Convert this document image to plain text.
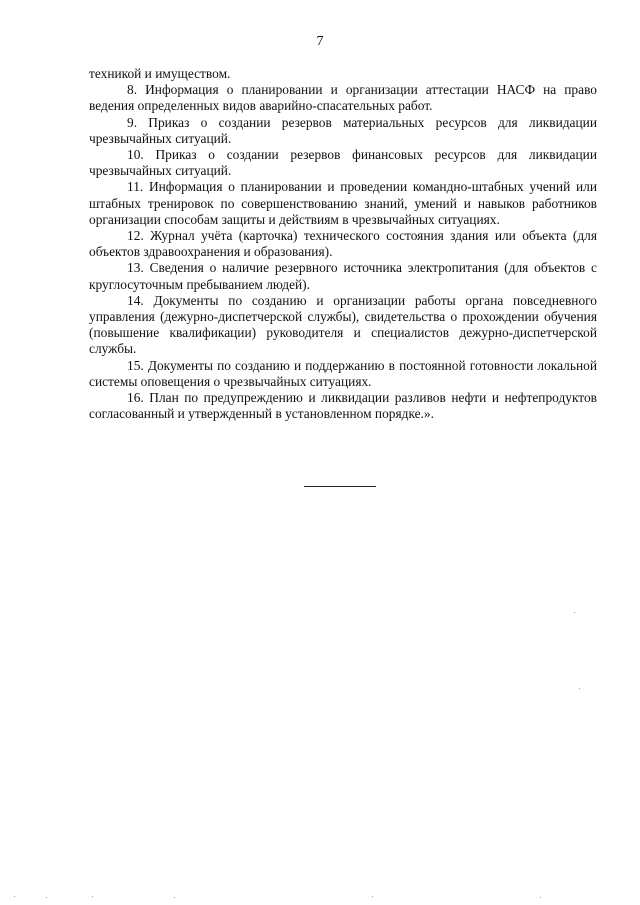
7

техникой и имуществом.

8. Информация о планировании и организации аттестации НАСФ на право ведения определенных видов аварийно-спасательных работ.

9. Приказ о создании резервов материальных ресурсов для ликвидации чрезвычайных ситуаций.

10. Приказ о создании резервов финансовых ресурсов для ликвидации чрезвычайных ситуаций.

11. Информация о планировании и проведении командно-штабных учений или штабных тренировок по совершенствованию знаний, умений и навыков работников организации способам защиты и действиям в чрезвычайных ситуациях.

12. Журнал учёта (карточка) технического состояния здания или объекта (для объектов здравоохранения и образования).

13. Сведения о наличие резервного источника электропитания (для объектов с круглосуточным пребыванием людей).

14. Документы по созданию и организации работы органа повседневного управления (дежурно-диспетчерской службы), свидетельства о прохождении обучения (повышение квалификации) руководителя и специалистов дежурно-диспетчерской службы.

15. Документы по созданию и поддержанию в постоянной готовности локальной системы оповещения о чрезвычайных ситуациях.

16. План по предупреждению и ликвидации разливов нефти и нефтепродуктов согласованный и утвержденный в установленном порядке.».
